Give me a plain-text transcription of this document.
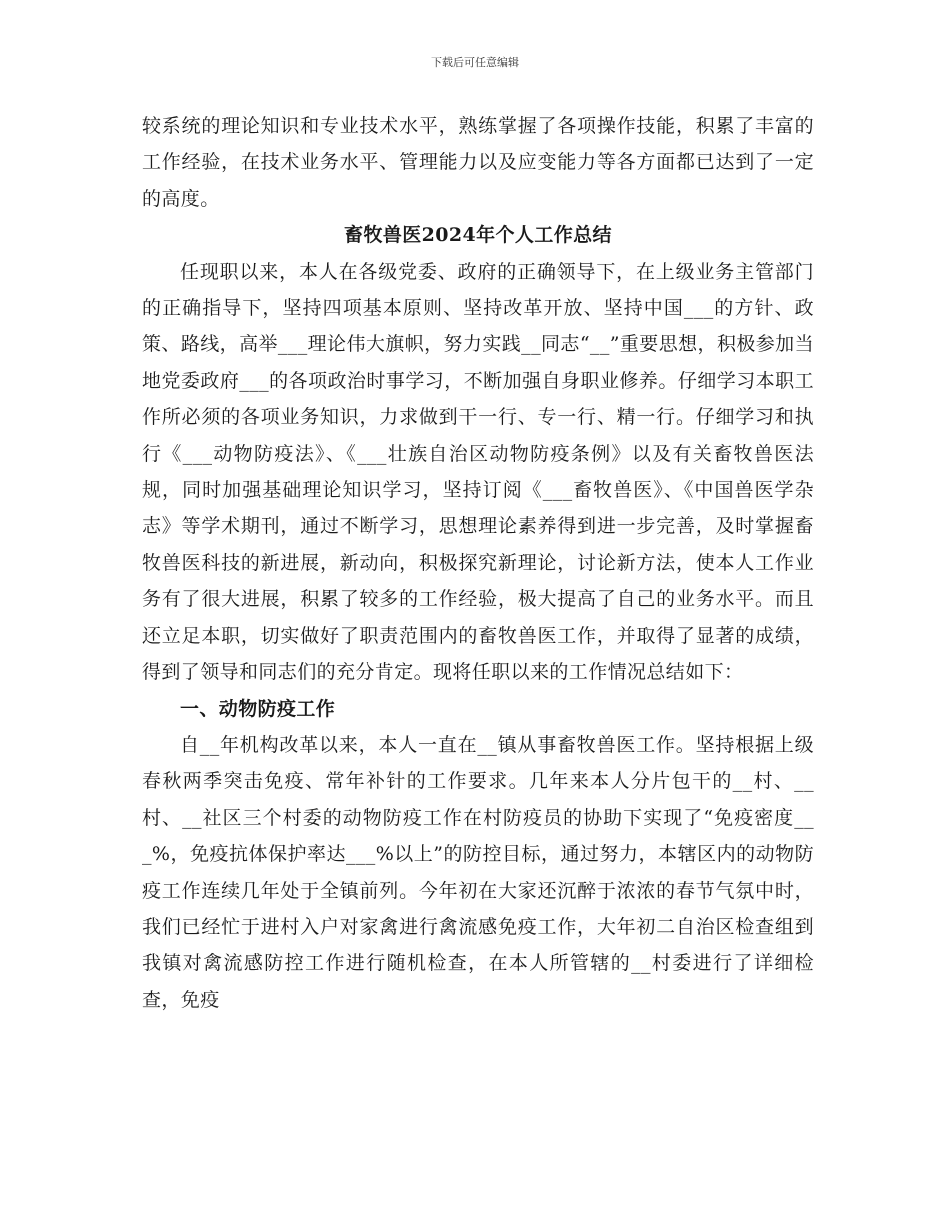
下载后可任意编辑

较系统的理论知识和专业技术水平，熟练掌握了各项操作技能，积累了丰富的工作经验，在技术业务水平、管理能力以及应变能力等各方面都已达到了一定的高度。

畜牧兽医2024年个人工作总结

任现职以来，本人在各级党委、政府的正确领导下，在上级业务主管部门的正确指导下，坚持四项基本原则、坚持改革开放、坚持中国___的方针、政策、路线，高举___理论伟大旗帜，努力实践__同志“__”重要思想，积极参加当地党委政府___的各项政治时事学习，不断加强自身职业修养。仔细学习本职工作所必须的各项业务知识，力求做到干一行、专一行、精一行。仔细学习和执行《___动物防疫法》、《___壮族自治区动物防疫条例》以及有关畜牧兽医法规，同时加强基础理论知识学习，坚持订阅《___畜牧兽医》、《中国兽医学杂志》等学术期刊，通过不断学习，思想理论素养得到进一步完善，及时掌握畜牧兽医科技的新进展，新动向，积极探究新理论，讨论新方法，使本人工作业务有了很大进展，积累了较多的工作经验，极大提高了自己的业务水平。而且还立足本职，切实做好了职责范围内的畜牧兽医工作，并取得了显著的成绩，得到了领导和同志们的充分肯定。现将任职以来的工作情况总结如下：

一、动物防疫工作

自__年机构改革以来，本人一直在__镇从事畜牧兽医工作。坚持根据上级春秋两季突击免疫、常年补针的工作要求。几年来本人分片包干的__村、__村、__社区三个村委的动物防疫工作在村防疫员的协助下实现了“免疫密度___%，免疫抗体保护率达___%以上”的防控目标，通过努力，本辖区内的动物防疫工作连续几年处于全镇前列。今年初在大家还沉醉于浓浓的春节气氛中时，我们已经忙于进村入户对家禽进行禽流感免疫工作，大年初二自治区检查组到我镇对禽流感防控工作进行随机检查，在本人所管辖的__村委进行了详细检查，免疫
